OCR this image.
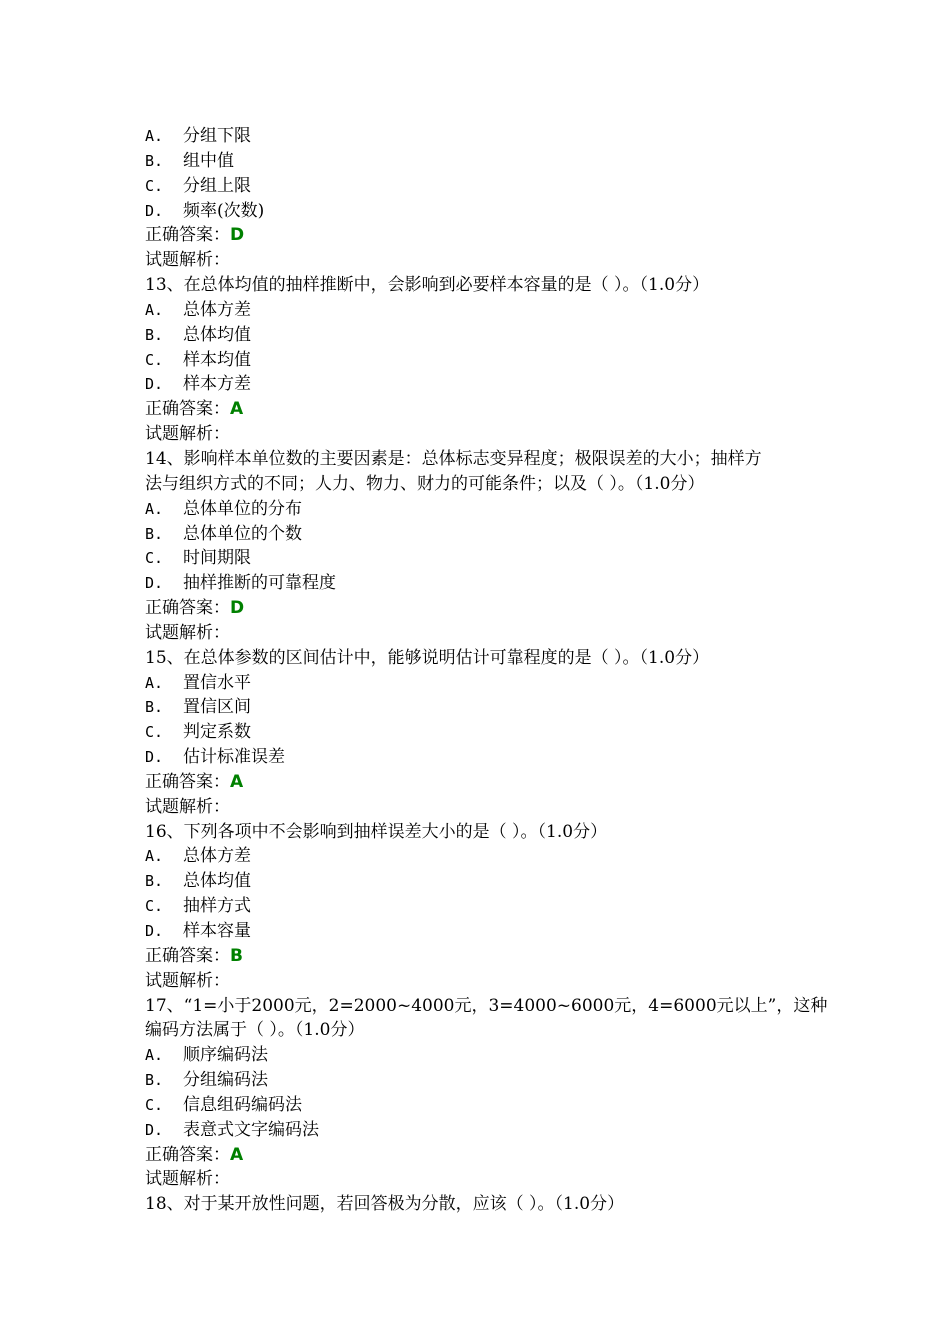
A. 分组下限
B. 组中值
C. 分组上限
D. 频率(次数)
正确答案：D
试题解析：
13、在总体均值的抽样推断中，会影响到必要样本容量的是（ ）。（1.0分）
A. 总体方差
B. 总体均值
C. 样本均值
D. 样本方差
正确答案：A
试题解析：
14、影响样本单位数的主要因素是：总体标志变异程度；极限误差的大小；抽样方
法与组织方式的不同；人力、物力、财力的可能条件；以及（ ）。（1.0分）
A. 总体单位的分布
B. 总体单位的个数
C. 时间期限
D. 抽样推断的可靠程度
正确答案：D
试题解析：
15、在总体参数的区间估计中，能够说明估计可靠程度的是（ ）。（1.0分）
A. 置信水平
B. 置信区间
C. 判定系数
D. 估计标准误差
正确答案：A
试题解析：
16、下列各项中不会影响到抽样误差大小的是（ ）。（1.0分）
A. 总体方差
B. 总体均值
C. 抽样方式
D. 样本容量
正确答案：B
试题解析：
17、“1=小于2000元，2=2000~4000元，3=4000~6000元，4=6000元以上”，这种
编码方法属于（ ）。（1.0分）
A. 顺序编码法
B. 分组编码法
C. 信息组码编码法
D. 表意式文字编码法
正确答案：A
试题解析：
18、对于某开放性问题，若回答极为分散，应该（ ）。（1.0分）
